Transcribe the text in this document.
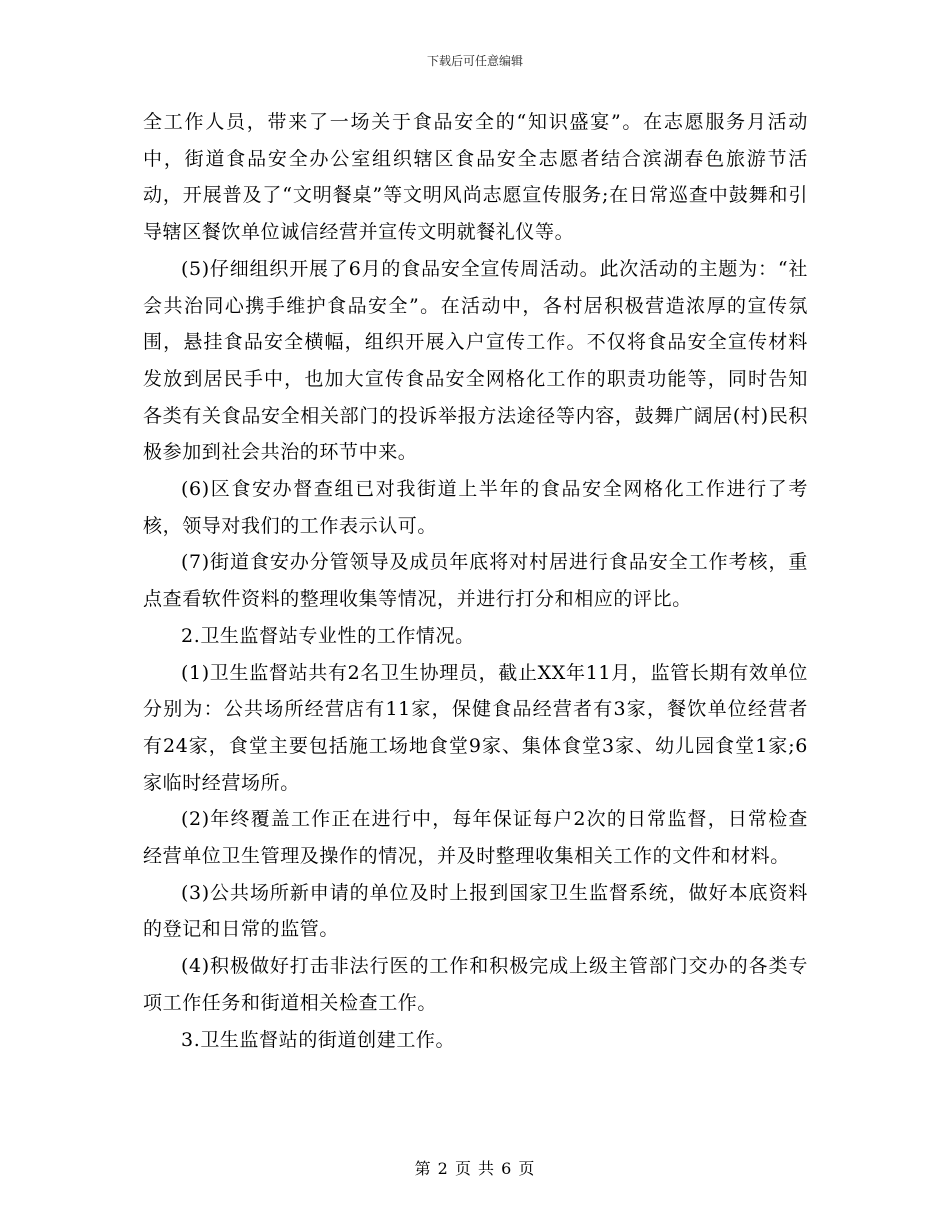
下载后可任意编辑

全工作人员，带来了一场关于食品安全的“知识盛宴”。在志愿服务月活动中，街道食品安全办公室组织辖区食品安全志愿者结合滨湖春色旅游节活动，开展普及了“文明餐桌”等文明风尚志愿宣传服务;在日常巡查中鼓舞和引导辖区餐饮单位诚信经营并宣传文明就餐礼仪等。

(5)仔细组织开展了6月的食品安全宣传周活动。此次活动的主题为：“社会共治同心携手维护食品安全”。在活动中，各村居积极营造浓厚的宣传氛围，悬挂食品安全横幅，组织开展入户宣传工作。不仅将食品安全宣传材料发放到居民手中，也加大宣传食品安全网格化工作的职责功能等，同时告知各类有关食品安全相关部门的投诉举报方法途径等内容，鼓舞广阔居(村)民积极参加到社会共治的环节中来。

(6)区食安办督查组已对我街道上半年的食品安全网格化工作进行了考核，领导对我们的工作表示认可。

(7)街道食安办分管领导及成员年底将对村居进行食品安全工作考核，重点查看软件资料的整理收集等情况，并进行打分和相应的评比。

2.卫生监督站专业性的工作情况。

(1)卫生监督站共有2名卫生协理员，截止XX年11月，监管长期有效单位分别为：公共场所经营店有11家，保健食品经营者有3家，餐饮单位经营者有24家，食堂主要包括施工场地食堂9家、集体食堂3家、幼儿园食堂1家;6家临时经营场所。

(2)年终覆盖工作正在进行中，每年保证每户2次的日常监督，日常检查经营单位卫生管理及操作的情况，并及时整理收集相关工作的文件和材料。

(3)公共场所新申请的单位及时上报到国家卫生监督系统，做好本底资料的登记和日常的监管。

(4)积极做好打击非法行医的工作和积极完成上级主管部门交办的各类专项工作任务和街道相关检查工作。

3.卫生监督站的街道创建工作。

第 2 页 共 6 页
